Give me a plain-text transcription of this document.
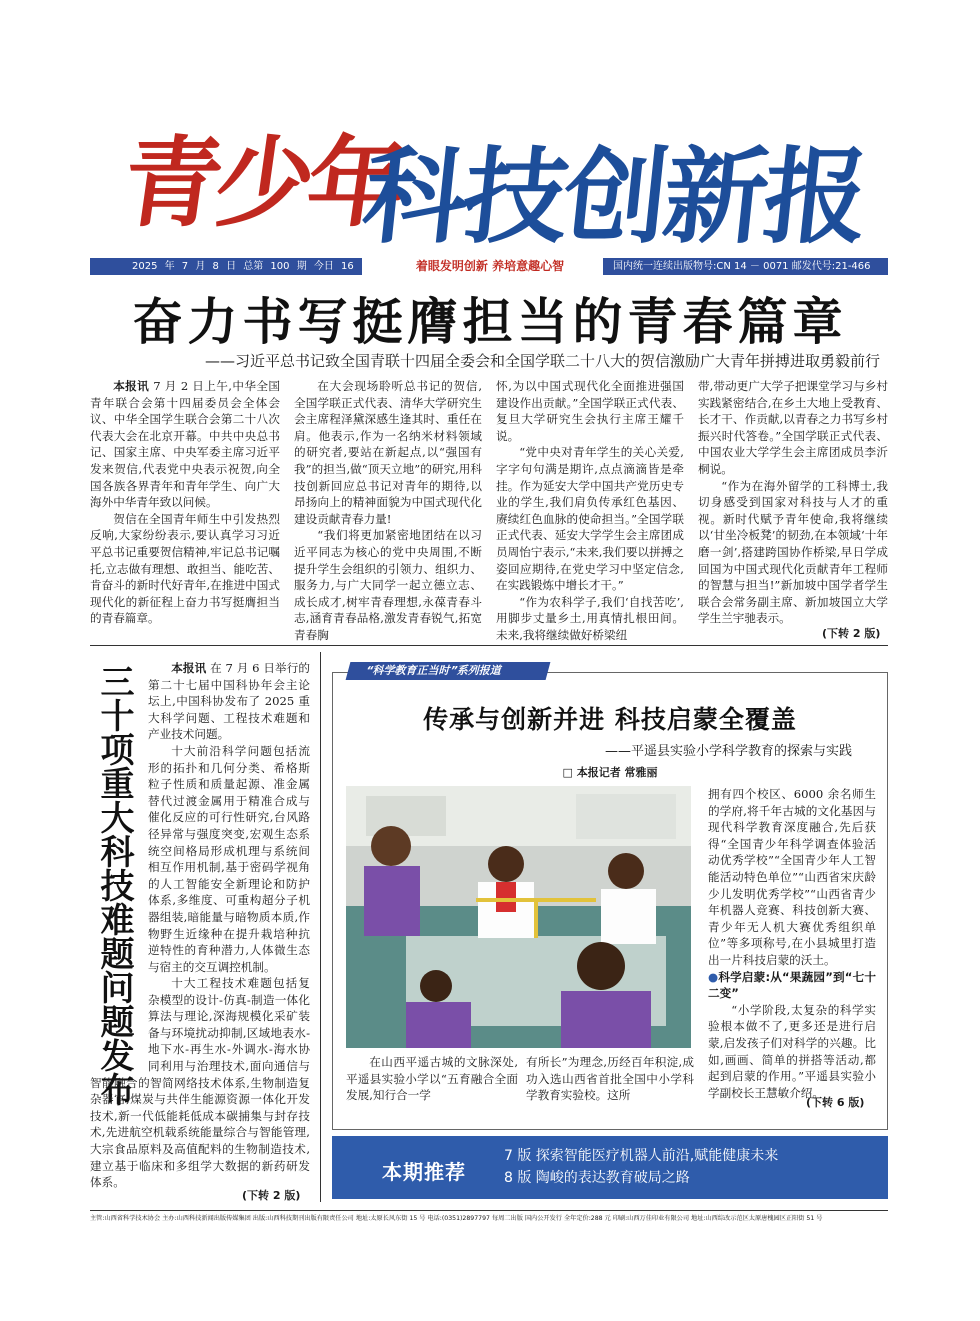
青少年
科技创新报
2025 年 7 月 8 日 总第 100 期 今日 16 版
着眼发明创新 养培意趣心智	国内统一连续出版物号:CN 14 － 0071 邮发代号:21-466
奋力书写挺膺担当的青春篇章
——习近平总书记致全国青联十四届全委会和全国学联二十八大的贺信激励广大青年拼搏进取勇毅前行

本报讯 7 月 2 日上午,中华全国青年联合会第十四届委员会全体会议、中华全国学生联合会第二十八次代表大会在北京开幕。中共中央总书记、国家主席、中央军委主席习近平发来贺信,代表党中央表示祝贺,向全国各族各界青年和青年学生、向广大海外中华青年致以问候。

贺信在全国青年师生中引发热烈反响,大家纷纷表示,要认真学习习近平总书记重要贺信精神,牢记总书记嘱托,立志做有理想、敢担当、能吃苦、肯奋斗的新时代好青年,在推进中国式现代化的新征程上奋力书写挺膺担当的青春篇章。

在大会现场聆听总书记的贺信,全国学联正式代表、清华大学研究生会主席程泽黛深感生逢其时、重任在肩。他表示,作为一名纳米材料领域的研究者,要站在新起点,以“强国有我”的担当,做“顶天立地”的研究,用科技创新回应总书记对青年的期待,以昂扬向上的精神面貌为中国式现代化建设贡献青春力量!

“我们将更加紧密地团结在以习近平同志为核心的党中央周围,不断提升学生会组织的引领力、组织力、服务力,与广大同学一起立德立志、成长成才,树牢青春理想,永葆青春斗志,涵育青春品格,激发青春锐气,拓宽青春胸

怀,为以中国式现代化全面推进强国建设作出贡献。”全国学联正式代表、复旦大学研究生会执行主席王耀千说。

“党中央对青年学生的关心关爱,字字句句满是期许,点点滴滴皆是牵挂。作为延安大学中国共产党历史专业的学生,我们肩负传承红色基因、赓续红色血脉的使命担当。”全国学联正式代表、延安大学学生会主席团成员周怡宁表示,“未来,我们要以拼搏之姿回应期待,在党史学习中坚定信念,在实践锻炼中增长才干。”

“作为农科学子,我们‘自找苦吃’,用脚步丈量乡土,用真情扎根田间。未来,我将继续做好桥梁纽

带,带动更广大学子把课堂学习与乡村实践紧密结合,在乡土大地上受教育、长才干、作贡献,以青春之力书写乡村振兴时代答卷。”全国学联正式代表、中国农业大学学生会主席团成员李沂桐说。

“作为在海外留学的工科博士,我切身感受到国家对科技与人才的重视。新时代赋予青年使命,我将继续以‘甘坐冷板凳’的韧劲,在本领域‘十年磨一剑’,搭建跨国协作桥梁,早日学成回国为中国式现代化贡献青年工程师的智慧与担当!”新加坡中国学者学生联合会常务副主席、新加坡国立大学学生兰宇驰表示。

(下转 2 版)
三十项重大科技难题问题发布	本报讯 在 7 月 6 日举行的第二十七届中国科协年会主论坛上,中国科协发布了 2025 重大科学问题、工程技术难题和产业技术问题。

十大前沿科学问题包括流形的拓扑和几何分类、希格斯粒子性质和质量起源、准金属替代过渡金属用于精准合成与催化反应的可行性研究,台风路径异常与强度突变,宏观生态系统空间格局形成机理与系统间相互作用机制,基于密码学视角的人工智能安全新理论和防护体系,多维度、可重构超分子机器组装,暗能量与暗物质本质,作物野生近缘种在提升栽培种抗逆特性的育种潜力,人体微生态与宿主的交互调控机制。

十大工程技术难题包括复杂模型的设计-仿真-制造一体化算法与理论,深海规模化采矿装备与环境扰动抑制,区域地表水-地下水-再生水-外调水-海水协同利用与治理技术,面向通信与智能融合的智简网络技术体系,生物制造复杂器官,煤炭与共伴生能源资源一体化开发技术,新一代低能耗低成本碳捕集与封存技术,先进航空机载系统能量综合与智能管理,大宗食品原料及高值配料的生物制造技术,建立基于临床和多组学大数据的新药研发体系。

(下转 2 版)
“科学教育正当时”系列报道
传承与创新并进 科技启蒙全覆盖
——平遥县实验小学科学教育的探索与实践
□ 本报记者 常雅丽

在山西平遥古城的文脉深处,平遥县实验小学以“五育融合全面发展,知行合一学

有所长”为理念,历经百年积淀,成功入选山西省首批全国中小学科学教育实验校。这所

拥有四个校区、6000 余名师生的学府,将千年古城的文化基因与现代科学教育深度融合,先后获得“全国青少年科学调查体验活动优秀学校”“全国青少年人工智能活动特色单位”“山西省宋庆龄少儿发明优秀学校”“山西省青少年机器人竞赛、科技创新大赛、青少年无人机大赛优秀组织单位”等多项称号,在小县城里打造出一片科技启蒙的沃土。

●科学启蒙:从“果蔬园”到“七十二变”

“小学阶段,太复杂的科学实验根本做不了,更多还是进行启蒙,启发孩子们对科学的兴趣。比如,画画、简单的拼搭等活动,都起到启蒙的作用。”平遥县实验小学副校长王慧敏介绍。

(下转 6 版)
本期推荐
7 版 探索智能医疗机器人前沿,赋能健康未来
8 版 陶峻的表达教育破局之路
主管:山西省科学技术协会 主办:山西科技新闻出版传媒集团 出版:山西科技期刊出版有限责任公司 地址:太原长风东街 15 号 电话:(0351)2897797 每周二出版 国内公开发行 全年定价:288 元 印刷:山西万佳印业有限公司 地址:山西综改示范区太原唐槐园区正阳街 51 号
